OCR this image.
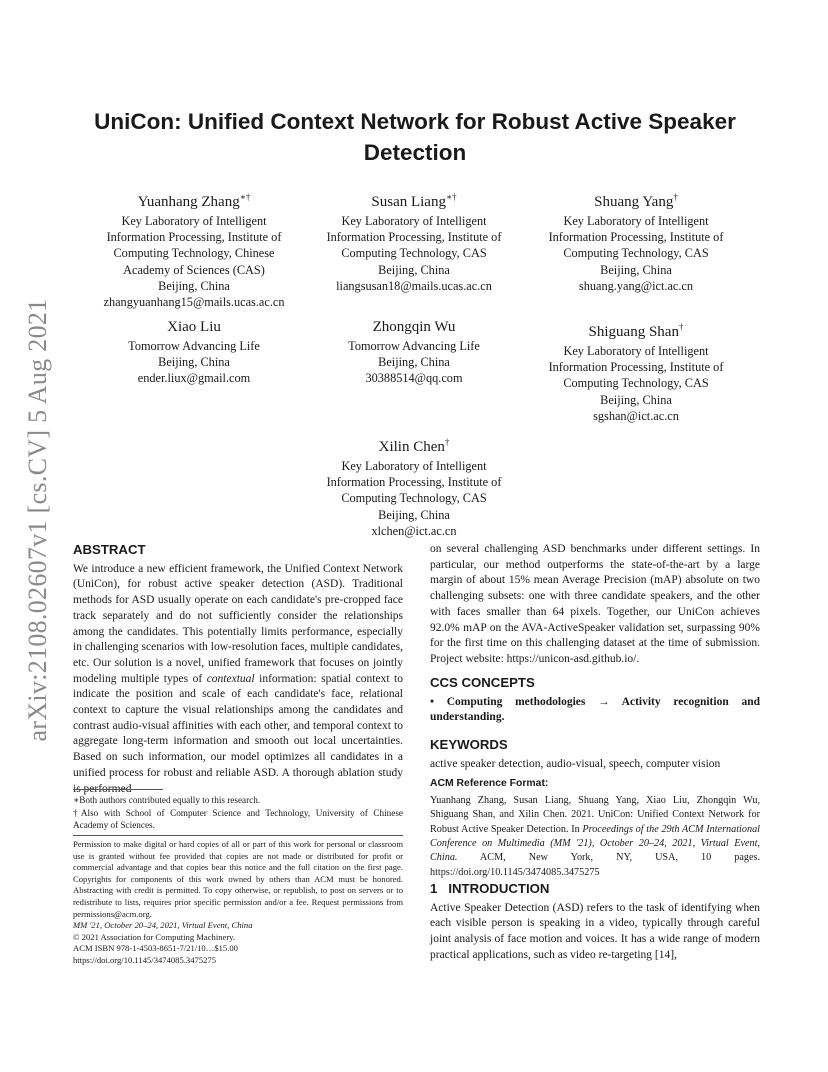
arXiv:2108.02607v1 [cs.CV] 5 Aug 2021
UniCon: Unified Context Network for Robust Active Speaker Detection
Yuanhang Zhang∗†
Key Laboratory of Intelligent
Information Processing, Institute of
Computing Technology, Chinese
Academy of Sciences (CAS)
Beijing, China
zhangyuanhang15@mails.ucas.ac.cn
Susan Liang∗†
Key Laboratory of Intelligent
Information Processing, Institute of
Computing Technology, CAS
Beijing, China
liangsusan18@mails.ucas.ac.cn
Shuang Yang†
Key Laboratory of Intelligent
Information Processing, Institute of
Computing Technology, CAS
Beijing, China
shuang.yang@ict.ac.cn
Xiao Liu
Tomorrow Advancing Life
Beijing, China
ender.liux@gmail.com
Zhongqin Wu
Tomorrow Advancing Life
Beijing, China
30388514@qq.com
Shiguang Shan†
Key Laboratory of Intelligent
Information Processing, Institute of
Computing Technology, CAS
Beijing, China
sgshan@ict.ac.cn
Xilin Chen†
Key Laboratory of Intelligent
Information Processing, Institute of
Computing Technology, CAS
Beijing, China
xlchen@ict.ac.cn
ABSTRACT

We introduce a new efficient framework, the Unified Context Network (UniCon), for robust active speaker detection (ASD). Traditional methods for ASD usually operate on each candidate's pre-cropped face track separately and do not sufficiently consider the relationships among the candidates. This potentially limits performance, especially in challenging scenarios with low-resolution faces, multiple candidates, etc. Our solution is a novel, unified framework that focuses on jointly modeling multiple types of contextual information: spatial context to indicate the position and scale of each candidate's face, relational context to capture the visual relationships among the candidates and contrast audio-visual affinities with each other, and temporal context to aggregate long-term information and smooth out local uncertainties. Based on such information, our model optimizes all candidates in a unified process for robust and reliable ASD. A thorough ablation study is performed

∗Both authors contributed equally to this research.
†Also with School of Computer Science and Technology, University of Chinese Academy of Sciences.
Permission to make digital or hard copies of all or part of this work for personal or classroom use is granted without fee provided that copies are not made or distributed for profit or commercial advantage and that copies bear this notice and the full citation on the first page. Copyrights for components of this work owned by others than ACM must be honored. Abstracting with credit is permitted. To copy otherwise, or republish, to post on servers or to redistribute to lists, requires prior specific permission and/or a fee. Request permissions from permissions@acm.org.
MM '21, October 20–24, 2021, Virtual Event, China
© 2021 Association for Computing Machinery.
ACM ISBN 978-1-4503-8651-7/21/10…$15.00
https://doi.org/10.1145/3474085.3475275

on several challenging ASD benchmarks under different settings. In particular, our method outperforms the state-of-the-art by a large margin of about 15% mean Average Precision (mAP) absolute on two challenging subsets: one with three candidate speakers, and the other with faces smaller than 64 pixels. Together, our UniCon achieves 92.0% mAP on the AVA-ActiveSpeaker validation set, surpassing 90% for the first time on this challenging dataset at the time of submission. Project website: https://unicon-asd.github.io/.

CCS CONCEPTS

• Computing methodologies → Activity recognition and understanding.

KEYWORDS

active speaker detection, audio-visual, speech, computer vision

ACM Reference Format:
Yuanhang Zhang, Susan Liang, Shuang Yang, Xiao Liu, Zhongqin Wu, Shiguang Shan, and Xilin Chen. 2021. UniCon: Unified Context Network for Robust Active Speaker Detection. In Proceedings of the 29th ACM International Conference on Multimedia (MM '21), October 20–24, 2021, Virtual Event, China. ACM, New York, NY, USA, 10 pages. https://doi.org/10.1145/3474085.3475275
1   INTRODUCTION

Active Speaker Detection (ASD) refers to the task of identifying when each visible person is speaking in a video, typically through careful joint analysis of face motion and voices. It has a wide range of modern practical applications, such as video re-targeting [14],
